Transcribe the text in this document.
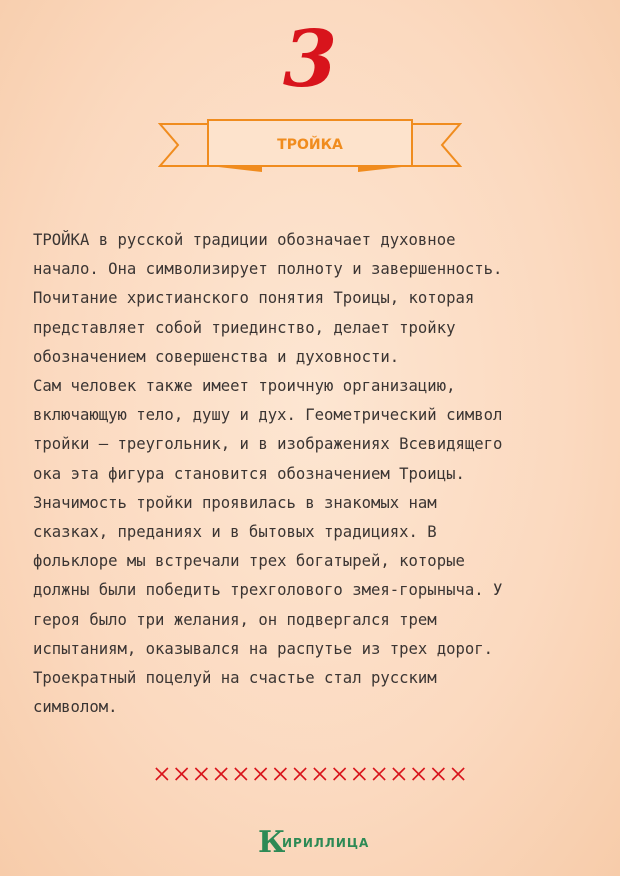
3
ТРОЙКА
ТРОЙКА в русской традиции обозначает духовное
начало. Она символизирует полноту и завершенность.
Почитание христианского понятия Троицы, которая
представляет собой триединство, делает тройку
обозначением совершенства и духовности.
Сам человек также имеет троичную организацию,
включающую тело, душу и дух. Геометрический символ
тройки – треугольник, и в изображениях Всевидящего
ока эта фигура становится обозначением Троицы.
Значимость тройки проявилась в знакомых нам
сказках, преданиях и в бытовых традициях. В
фольклоре мы встречали трех богатырей, которые
должны были победить трехголового змея-горыныча. У
героя было три желания, он подвергался трем
испытаниям, оказывался на распутье из трех дорог.
Троекратный поцелуй на счастье стал русским
символом.
К
ИРИЛЛИЦА
